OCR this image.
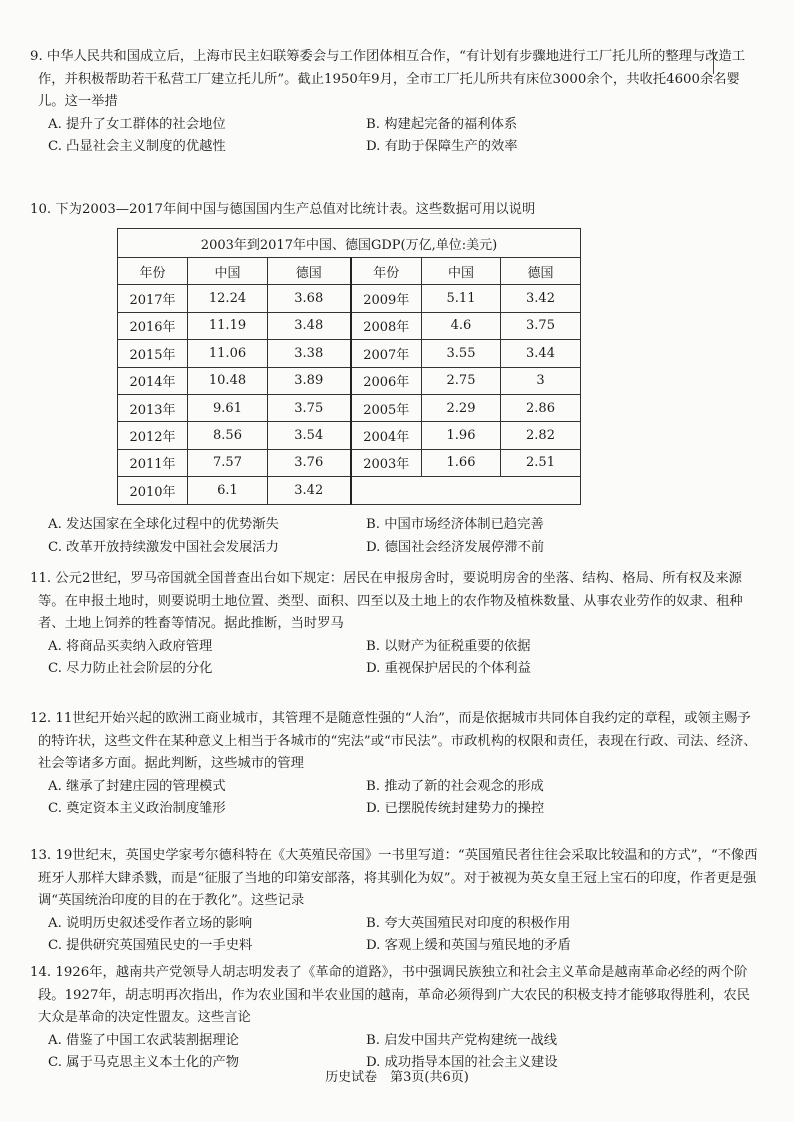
9. 中华人民共和国成立后，上海市民主妇联筹委会与工作团体相互合作，“有计划有步骤地进行工厂托儿所的整理与改造工作，并积极帮助若干私营工厂建立托儿所”。截止1950年9月，全市工厂托儿所共有床位3000余个，共收托4600余名婴儿。这一举措

A. 提升了女工群体的社会地位	B. 构建起完备的福利体系
C. 凸显社会主义制度的优越性	D. 有助于保障生产的效率

10. 下为2003—2017年间中国与德国国内生产总值对比统计表。这些数据可用以说明

2003年到2017年中国、德国GDP(万亿,单位:美元)					
年份	中国	德国	年份	中国	德国
2017年	12.24	3.68	2009年	5.11	3.42
2016年	11.19	3.48	2008年	4.6	3.75
2015年	11.06	3.38	2007年	3.55	3.44
2014年	10.48	3.89	2006年	2.75	3
2013年	9.61	3.75	2005年	2.29	2.86
2012年	8.56	3.54	2004年	1.96	2.82
2011年	7.57	3.76	2003年	1.66	2.51
2010年	6.1	3.42			
A. 发达国家在全球化过程中的优势渐失	B. 中国市场经济体制已趋完善
C. 改革开放持续激发中国社会发展活力	D. 德国社会经济发展停滞不前

11. 公元2世纪，罗马帝国就全国普查出台如下规定：居民在申报房舍时，要说明房舍的坐落、结构、格局、所有权及来源等。在申报土地时，则要说明土地位置、类型、面积、四至以及土地上的农作物及植株数量、从事农业劳作的奴隶、租种者、土地上饲养的牲畜等情况。据此推断，当时罗马

A. 将商品买卖纳入政府管理	B. 以财产为征税重要的依据
C. 尽力防止社会阶层的分化	D. 重视保护居民的个体利益

12. 11世纪开始兴起的欧洲工商业城市，其管理不是随意性强的“人治”，而是依据城市共同体自我约定的章程，或领主赐予的特许状，这些文件在某种意义上相当于各城市的“宪法”或“市民法”。市政机构的权限和责任，表现在行政、司法、经济、社会等诸多方面。据此判断，这些城市的管理

A. 继承了封建庄园的管理模式	B. 推动了新的社会观念的形成
C. 奠定资本主义政治制度雏形	D. 已摆脱传统封建势力的操控

13. 19世纪末，英国史学家考尔德科特在《大英殖民帝国》一书里写道：“英国殖民者往往会采取比较温和的方式”，“不像西班牙人那样大肆杀戮，而是“征服了当地的印第安部落，将其驯化为奴”。对于被视为英女皇王冠上宝石的印度，作者更是强调“英国统治印度的目的在于教化”。这些记录

A. 说明历史叙述受作者立场的影响	B. 夸大英国殖民对印度的积极作用
C. 提供研究英国殖民史的一手史料	D. 客观上缓和英国与殖民地的矛盾

14. 1926年，越南共产党领导人胡志明发表了《革命的道路》，书中强调民族独立和社会主义革命是越南革命必经的两个阶段。1927年，胡志明再次指出，作为农业国和半农业国的越南，革命必须得到广大农民的积极支持才能够取得胜利，农民大众是革命的决定性盟友。这些言论

A. 借鉴了中国工农武装割据理论	B. 启发中国共产党构建统一战线
C. 属于马克思主义本土化的产物	D. 成功指导本国的社会主义建设
历史试卷　第3页(共6页)
